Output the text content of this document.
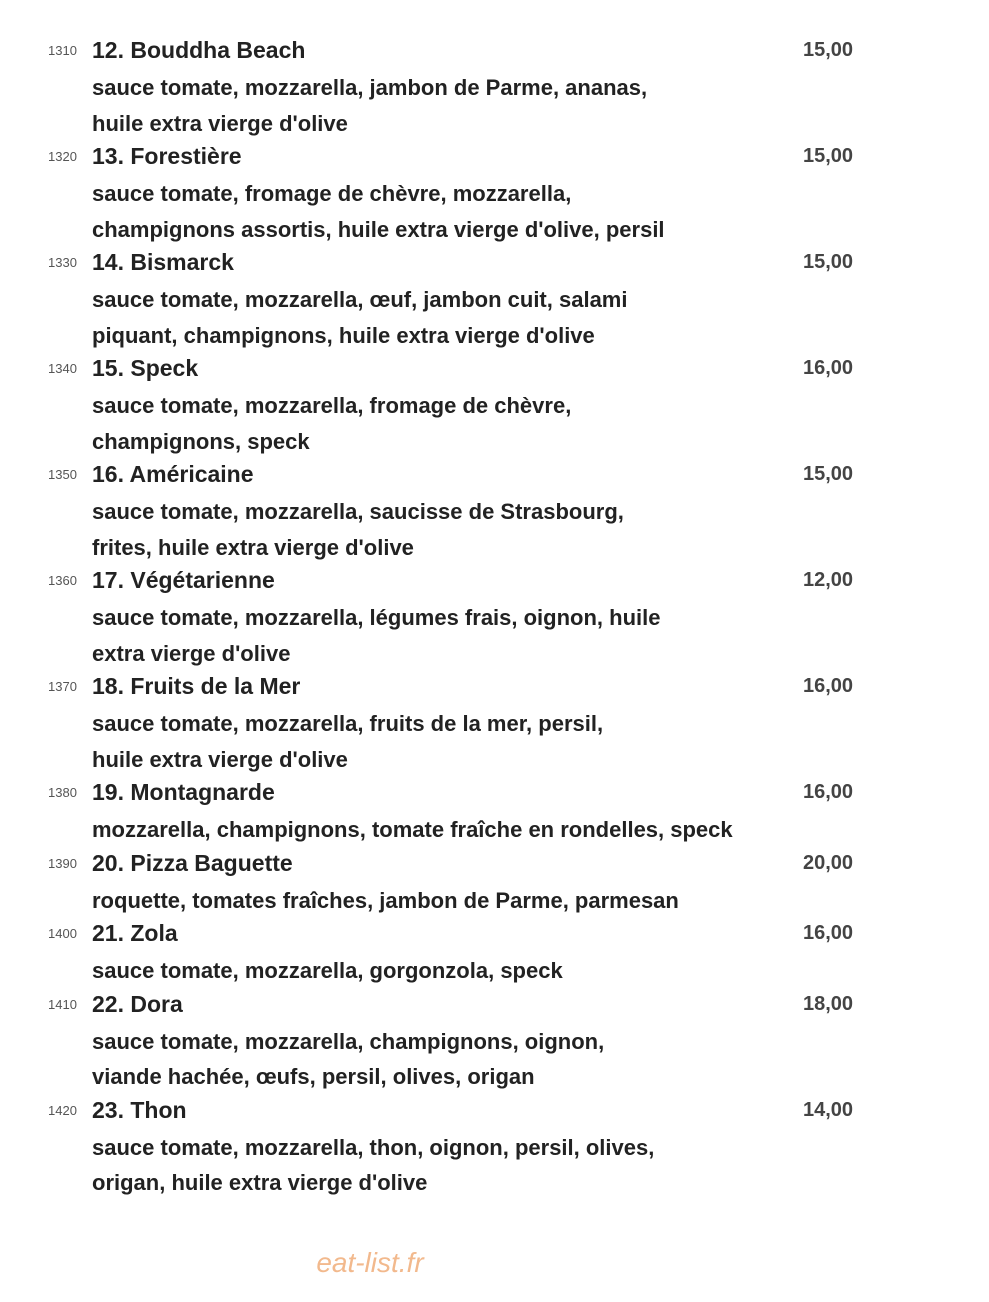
1310 12. Bouddha Beach	15,00
sauce tomate, mozzarella, jambon de Parme, ananas,
huile extra vierge d'olive
1320 13. Forestière	15,00
sauce tomate, fromage de chèvre, mozzarella,
champignons assortis, huile extra vierge d'olive, persil
1330 14. Bismarck	15,00
sauce tomate, mozzarella, œuf, jambon cuit, salami
piquant, champignons, huile extra vierge d'olive
1340 15. Speck	16,00
sauce tomate, mozzarella, fromage de chèvre,
champignons, speck
1350 16. Américaine	15,00
sauce tomate, mozzarella, saucisse de Strasbourg,
frites, huile extra vierge d'olive
1360 17. Végétarienne	12,00
sauce tomate, mozzarella, légumes frais, oignon, huile
extra vierge d'olive
1370 18. Fruits de la Mer	16,00
sauce tomate, mozzarella, fruits de la mer, persil,
huile extra vierge d'olive
1380 19. Montagnarde	16,00
mozzarella, champignons, tomate fraîche en rondelles, speck
1390 20. Pizza Baguette	20,00
roquette, tomates fraîches, jambon de Parme, parmesan
1400 21. Zola	16,00
sauce tomate, mozzarella, gorgonzola, speck
1410 22. Dora	18,00
sauce tomate, mozzarella, champignons, oignon,
viande hachée, œufs, persil, olives, origan
1420 23. Thon	14,00
sauce tomate, mozzarella, thon, oignon, persil, olives,
origan, huile extra vierge d'olive
eat-list.fr
